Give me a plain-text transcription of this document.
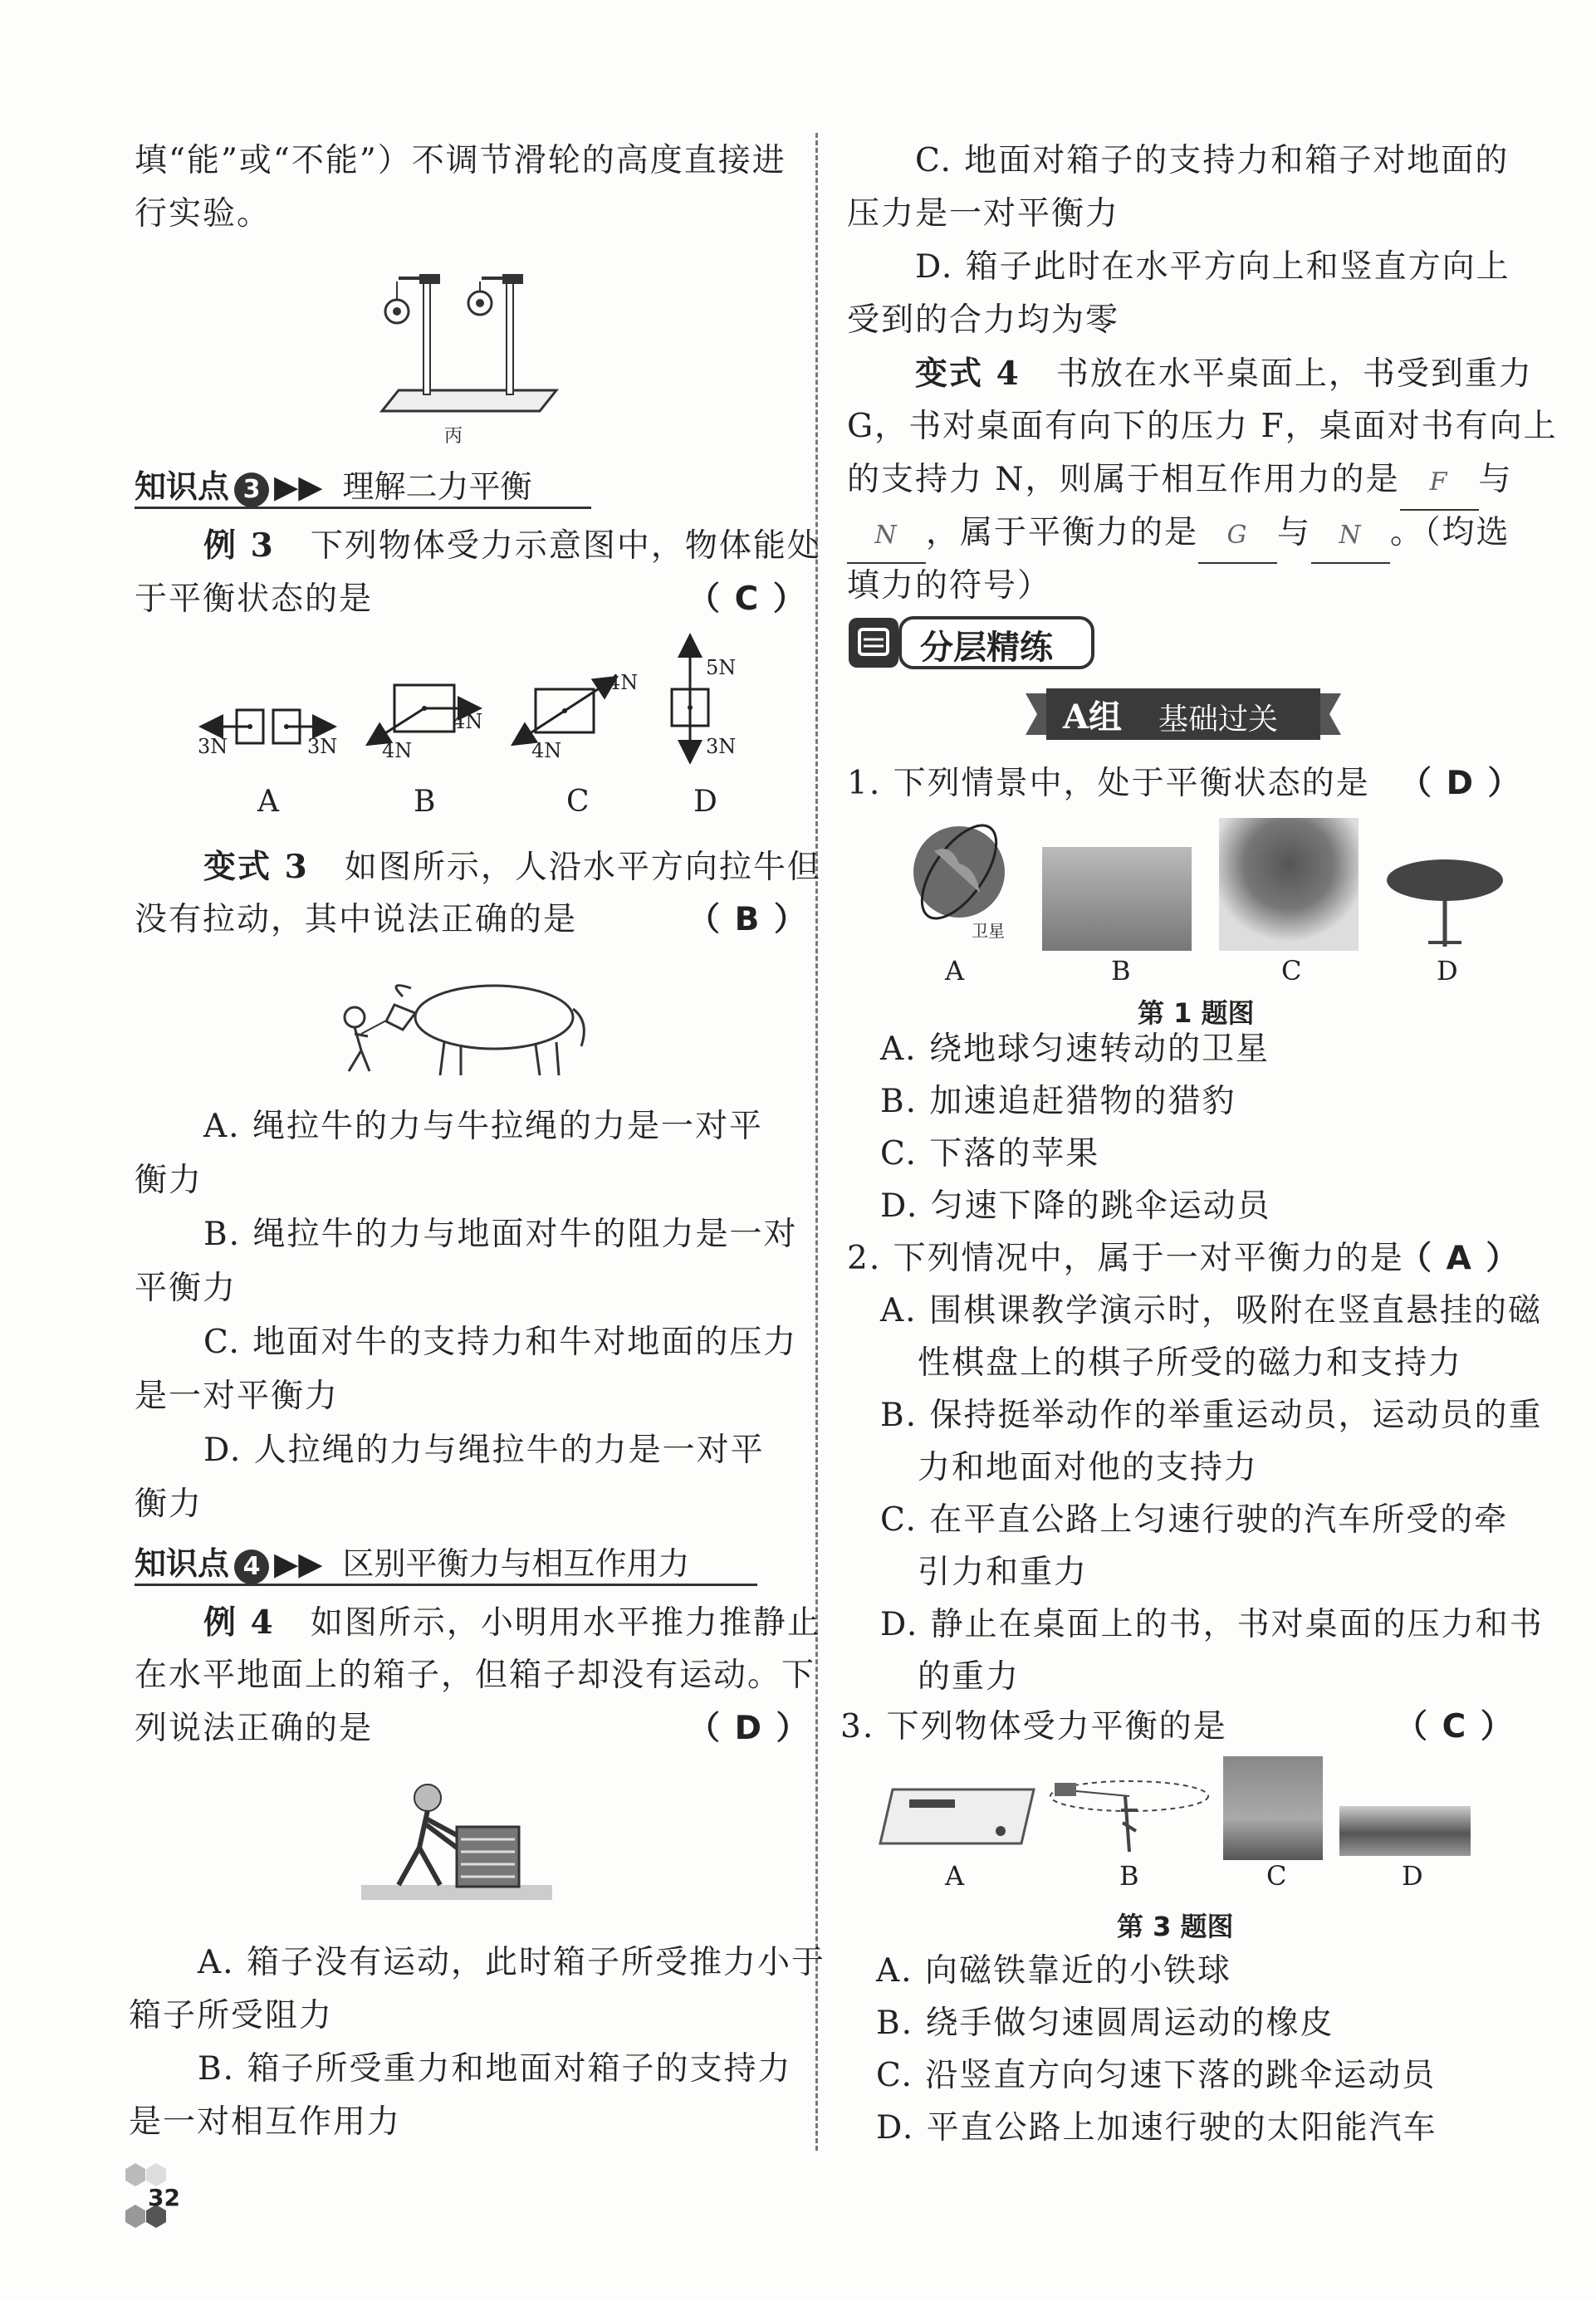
填“能”或“不能”）不调节滑轮的高度直接进
行实验。
丙
知识点 3 ▶▶ 理解二力平衡
例 3 下列物体受力示意图中，物体能处
于平衡状态的是	（ C ）
3N	3N 4N
4N
4N
4N
5N
3N
A	B	C	D
变式 3 如图所示，人沿水平方向拉牛但
没有拉动，其中说法正确的是	（ B ）
A. 绳拉牛的力与牛拉绳的力是一对平
衡力
B. 绳拉牛的力与地面对牛的阻力是一对
平衡力
C. 地面对牛的支持力和牛对地面的压力
是一对平衡力
D. 人拉绳的力与绳拉牛的力是一对平
衡力
知识点 4 ▶▶ 区别平衡力与相互作用力
例 4 如图所示，小明用水平推力推静止
在水平地面上的箱子，但箱子却没有运动。下
列说法正确的是	（ D ）
A. 箱子没有运动，此时箱子所受推力小于
箱子所受阻力
B. 箱子所受重力和地面对箱子的支持力
是一对相互作用力
C. 地面对箱子的支持力和箱子对地面的
压力是一对平衡力
D. 箱子此时在水平方向上和竖直方向上
受到的合力均为零
变式 4 书放在水平桌面上，书受到重力
G，书对桌面有向下的压力 F，桌面对书有向上
的支持力 N，则属于相互作用力的是 F 与
N ，属于平衡力的是 G 与 N 。（均选
填力的符号）
分层精练
A组 基础过关
1. 下列情景中，处于平衡状态的是 （ D ）
卫星
A	B	C	D
第 1 题图
A. 绕地球匀速转动的卫星
B. 加速追赶猎物的猎豹
C. 下落的苹果
D. 匀速下降的跳伞运动员
2. 下列情况中，属于一对平衡力的是
（ A ）
A. 围棋课教学演示时，吸附在竖直悬挂的磁
性棋盘上的棋子所受的磁力和支持力
B. 保持挺举动作的举重运动员，运动员的重
力和地面对他的支持力
C. 在平直公路上匀速行驶的汽车所受的牵
引力和重力
D. 静止在桌面上的书，书对桌面的压力和书
的重力
3. 下列物体受力平衡的是	（ C ）
A	B	C	D
第 3 题图
A. 向磁铁靠近的小铁球
B. 绕手做匀速圆周运动的橡皮
C. 沿竖直方向匀速下落的跳伞运动员
D. 平直公路上加速行驶的太阳能汽车
32
